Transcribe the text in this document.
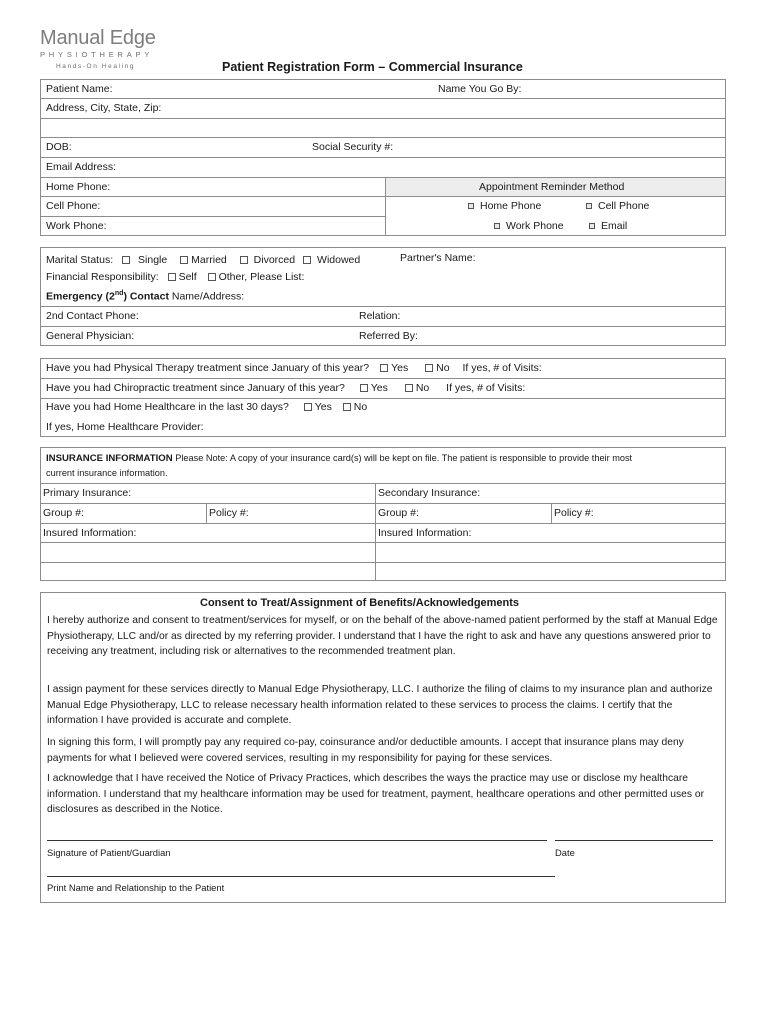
Manual Edge
PHYSIOTHERAPY
Hands-On Healing	Patient Registration Form – Commercial Insurance
Patient Name:	Name You Go By:
Address, City, State, Zip:
DOB:	Social Security #:
Email Address:
Home Phone:
Cell Phone:
Work Phone:
Appointment Reminder Method
Home Phone	Cell Phone
Work Phone	Email
Marital Status: Single Married	Divorced Widowed	Partner's Name:
Financial Responsibility: Self Other, Please List:
Emergency (2nd) Contact Name/Address:
2nd Contact Phone:	Relation:
General Physician:	Referred By:
Have you had Physical Therapy treatment since January of this year? Yes	No If yes, # of Visits:
Have you had Chiropractic treatment since January of this year? Yes	No If yes, # of Visits:
Have you had Home Healthcare in the last 30 days? Yes No
If yes, Home Healthcare Provider:
INSURANCE INFORMATION Please Note: A copy of your insurance card(s) will be kept on file. The patient is responsible to provide their most
current insurance information.
Primary Insurance:	Secondary Insurance:
Group #:	Policy #:	Group #:	Policy #:
Insured Information:	Insured Information:
Consent to Treat/Assignment of Benefits/Acknowledgements
I hereby authorize and consent to treatment/services for myself, or on the behalf of the above-named patient performed by the staff at Manual Edge Physiotherapy, LLC and/or as directed by my referring provider. I understand that I have the right to ask and have any questions answered prior to receiving any treatment, including risk or alternatives to the recommended treatment plan.
I assign payment for these services directly to Manual Edge Physiotherapy, LLC. I authorize the filing of claims to my insurance plan and authorize Manual Edge Physiotherapy, LLC to release necessary health information related to these services to process the claims. I certify that the information I have provided is accurate and complete.
In signing this form, I will promptly pay any required co-pay, coinsurance and/or deductible amounts. I accept that insurance plans may deny payments for what I believed were covered services, resulting in my responsibility for paying for these services.
I acknowledge that I have received the Notice of Privacy Practices, which describes the ways the practice may use or disclose my healthcare information. I understand that my healthcare information may be used for treatment, payment, healthcare operations and other permitted uses or disclosures as described in the Notice.
Signature of Patient/Guardian	Date
Print Name and Relationship to the Patient
